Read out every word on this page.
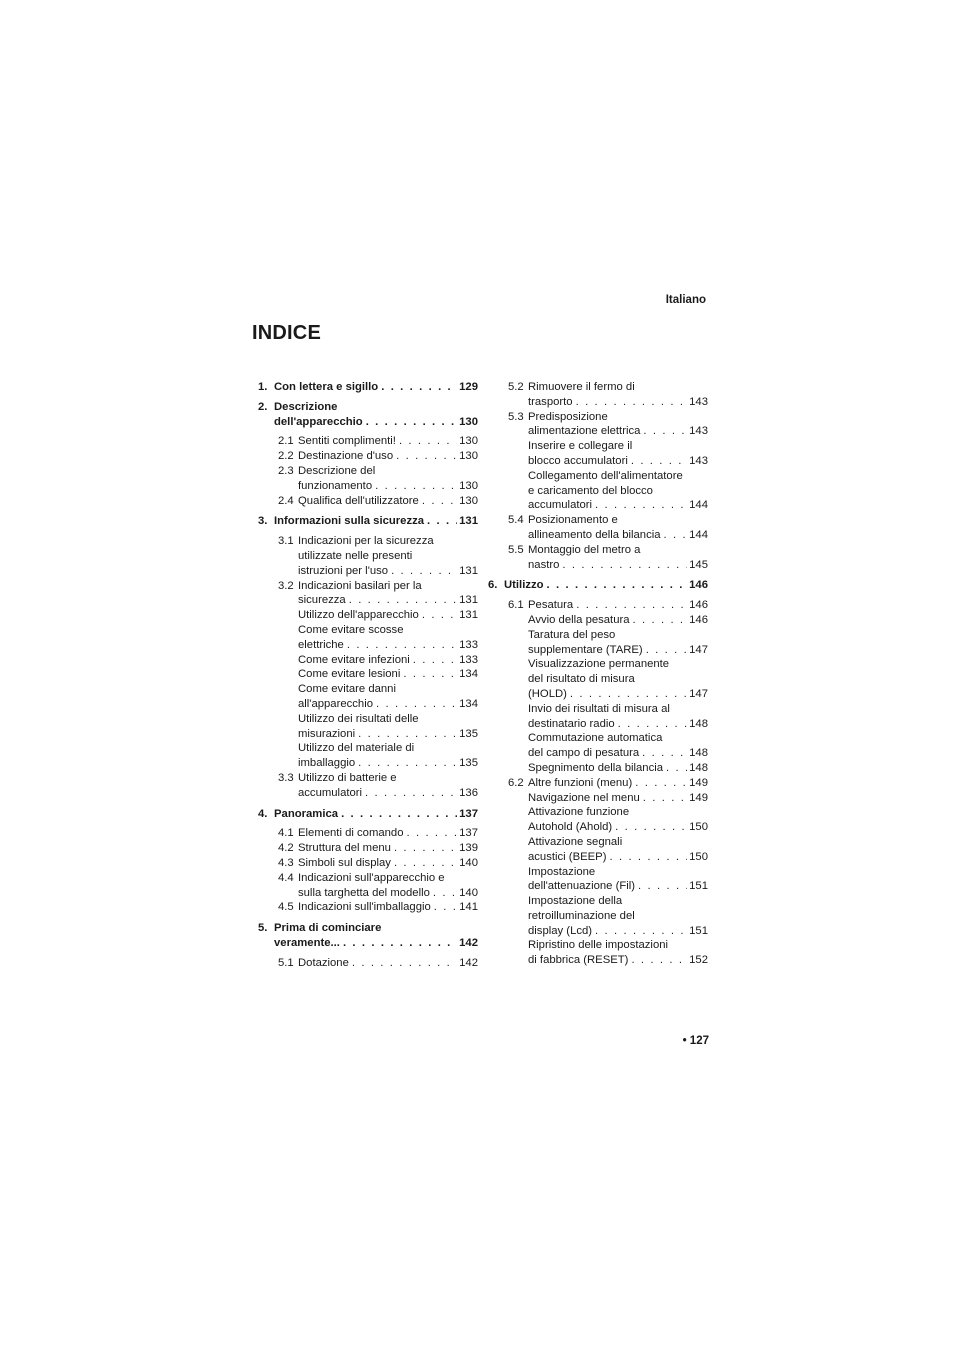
Italiano
INDICE
1. Con lettera e sigillo . . .	129
2. Descrizione
dell'apparecchio . . .	130
2.1 Sentiti complimenti! . . .	130
2.2 Destinazione d'uso . . .	130
2.3 Descrizione del
funzionamento . . .	130
2.4 Qualifica dell'utilizzatore . . .	130
3. Informazioni sulla sicurezza . . .	131
3.1 Indicazioni per la sicurezza
utilizzate nelle presenti
istruzioni per l'uso . . .	131
3.2 Indicazioni basilari per la
sicurezza . . .	131
Utilizzo dell'apparecchio . . .	131
Come evitare scosse
elettriche . . .	133
Come evitare infezioni . . .	133
Come evitare lesioni . . .	134
Come evitare danni
all'apparecchio . . .	134
Utilizzo dei risultati delle
misurazioni . . .	135
Utilizzo del materiale di
imballaggio . . .	135
3.3 Utilizzo di batterie e
accumulatori . . .	136
4. Panoramica . . .	137
4.1 Elementi di comando . . .	137
4.2 Struttura del menu . . .	139
4.3 Simboli sul display . . .	140
4.4 Indicazioni sull'apparecchio e
sulla targhetta del modello . . .	140
4.5 Indicazioni sull'imballaggio . . .	141
5. Prima di cominciare
veramente... . . .	142
5.1 Dotazione . . .	142
5.2 Rimuovere il fermo di
trasporto . . .	143
5.3 Predisposizione
alimentazione elettrica . . .	143
Inserire e collegare il
blocco accumulatori . . .	143
Collegamento dell'alimentatore
e caricamento del blocco
accumulatori . . .	144
5.4 Posizionamento e
allineamento della bilancia . . .	144
5.5 Montaggio del metro a
nastro . . .	145
6. Utilizzo . . .	146
6.1 Pesatura . . .	146
Avvio della pesatura . . .	146
Taratura del peso
supplementare (TARE) . . .	147
Visualizzazione permanente
del risultato di misura
(HOLD) . . .	147
Invio dei risultati di misura al
destinatario radio . . .	148
Commutazione automatica
del campo di pesatura . . .	148
Spegnimento della bilancia . . . 148
6.2 Altre funzioni (menu) . . .	149
Navigazione nel menu . . .	149
Attivazione funzione
Autohold (Ahold) . . .	150
Attivazione segnali
acustici (BEEP) . . .	150
Impostazione
dell'attenuazione (Fil) . . .	151
Impostazione della
retroilluminazione del
display (Lcd) . . .	151
Ripristino delle impostazioni
di fabbrica (RESET) . . .	152
• 127
